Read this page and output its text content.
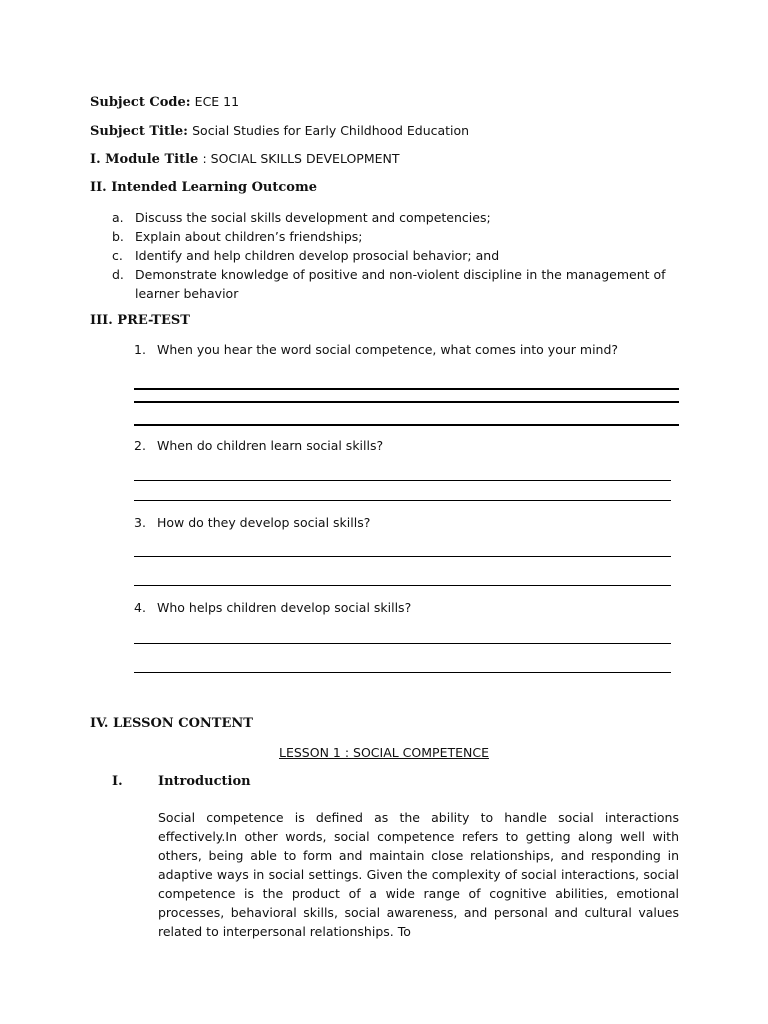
Subject Code: ECE 11
Subject Title: Social Studies for Early Childhood Education
I. Module Title : SOCIAL SKILLS DEVELOPMENT
II. Intended Learning Outcome
a. Discuss the social skills development and competencies;
b. Explain about children’s friendships;
c. Identify and help children develop prosocial behavior; and
d. Demonstrate knowledge of positive and non-violent discipline in the management of
learner behavior
III. PRE-TEST
1. When you hear the word social competence, what comes into your mind?
2. When do children learn social skills?
3. How do they develop social skills?
4. Who helps children develop social skills?
IV. LESSON CONTENT
LESSON 1 : SOCIAL COMPETENCE
I.	Introduction
Social competence is defined as the ability to handle social interactions effectively.In other words, social competence refers to getting along well with others, being able to form and maintain close relationships, and responding in adaptive ways in social settings. Given the complexity of social interactions, social competence is the product of a wide range of cognitive abilities, emotional processes, behavioral skills, social awareness, and personal and cultural values related to interpersonal relationships. To
